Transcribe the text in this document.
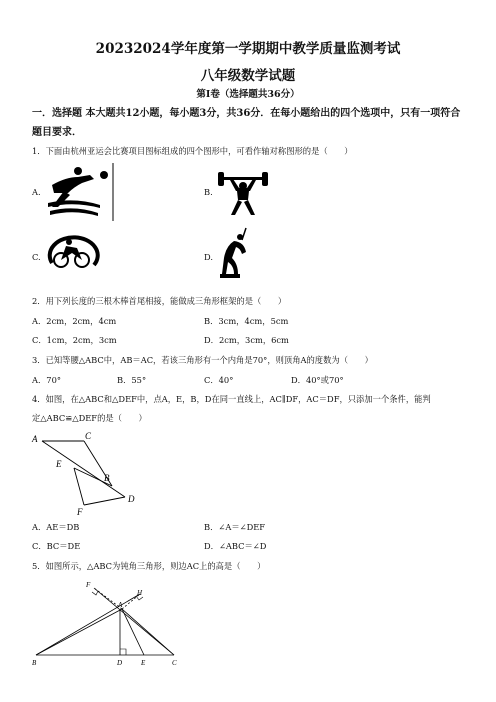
20232024学年度第一学期期中教学质量监测考试
八年级数学试题
第I卷（选择题共36分）
一．选择题 本大题共12小题，每小题3分，共36分．在每小题给出的四个选项中，只有一项符合
题目要求．
1．下面由杭州亚运会比赛项目图标组成的四个图形中，可看作轴对称图形的是（　　）
A.	B.
C.	D.
2．用下列长度的三根木棒首尾相接，能做成三角形框架的是（　　）
A．2cm，2cm，4cm	B．3cm，4cm，5cm
C．1cm，2cm，3cm	D．2cm，3cm，6cm
3．已知等腰△ABC中，AB＝AC，若该三角形有一个内角是70°，则顶角A的度数为（　　）
A．70°	B．55°	C．40°	D．40°或70°
4．如图，在△ABC和△DEF中，点A，E，B，D在同一直线上，AC∥DF，AC＝DF，只添加一个条件，能判
定△ABC≌△DEF的是（　　）
A	C
E
B
D
F
A．AE＝DB	B．∠A＝∠DEF
C．BC＝DE	D．∠ABC＝∠D
5．如图所示，△ABC为钝角三角形，则边AC上的高是（　　）
F
H
A
B	D	E	C
